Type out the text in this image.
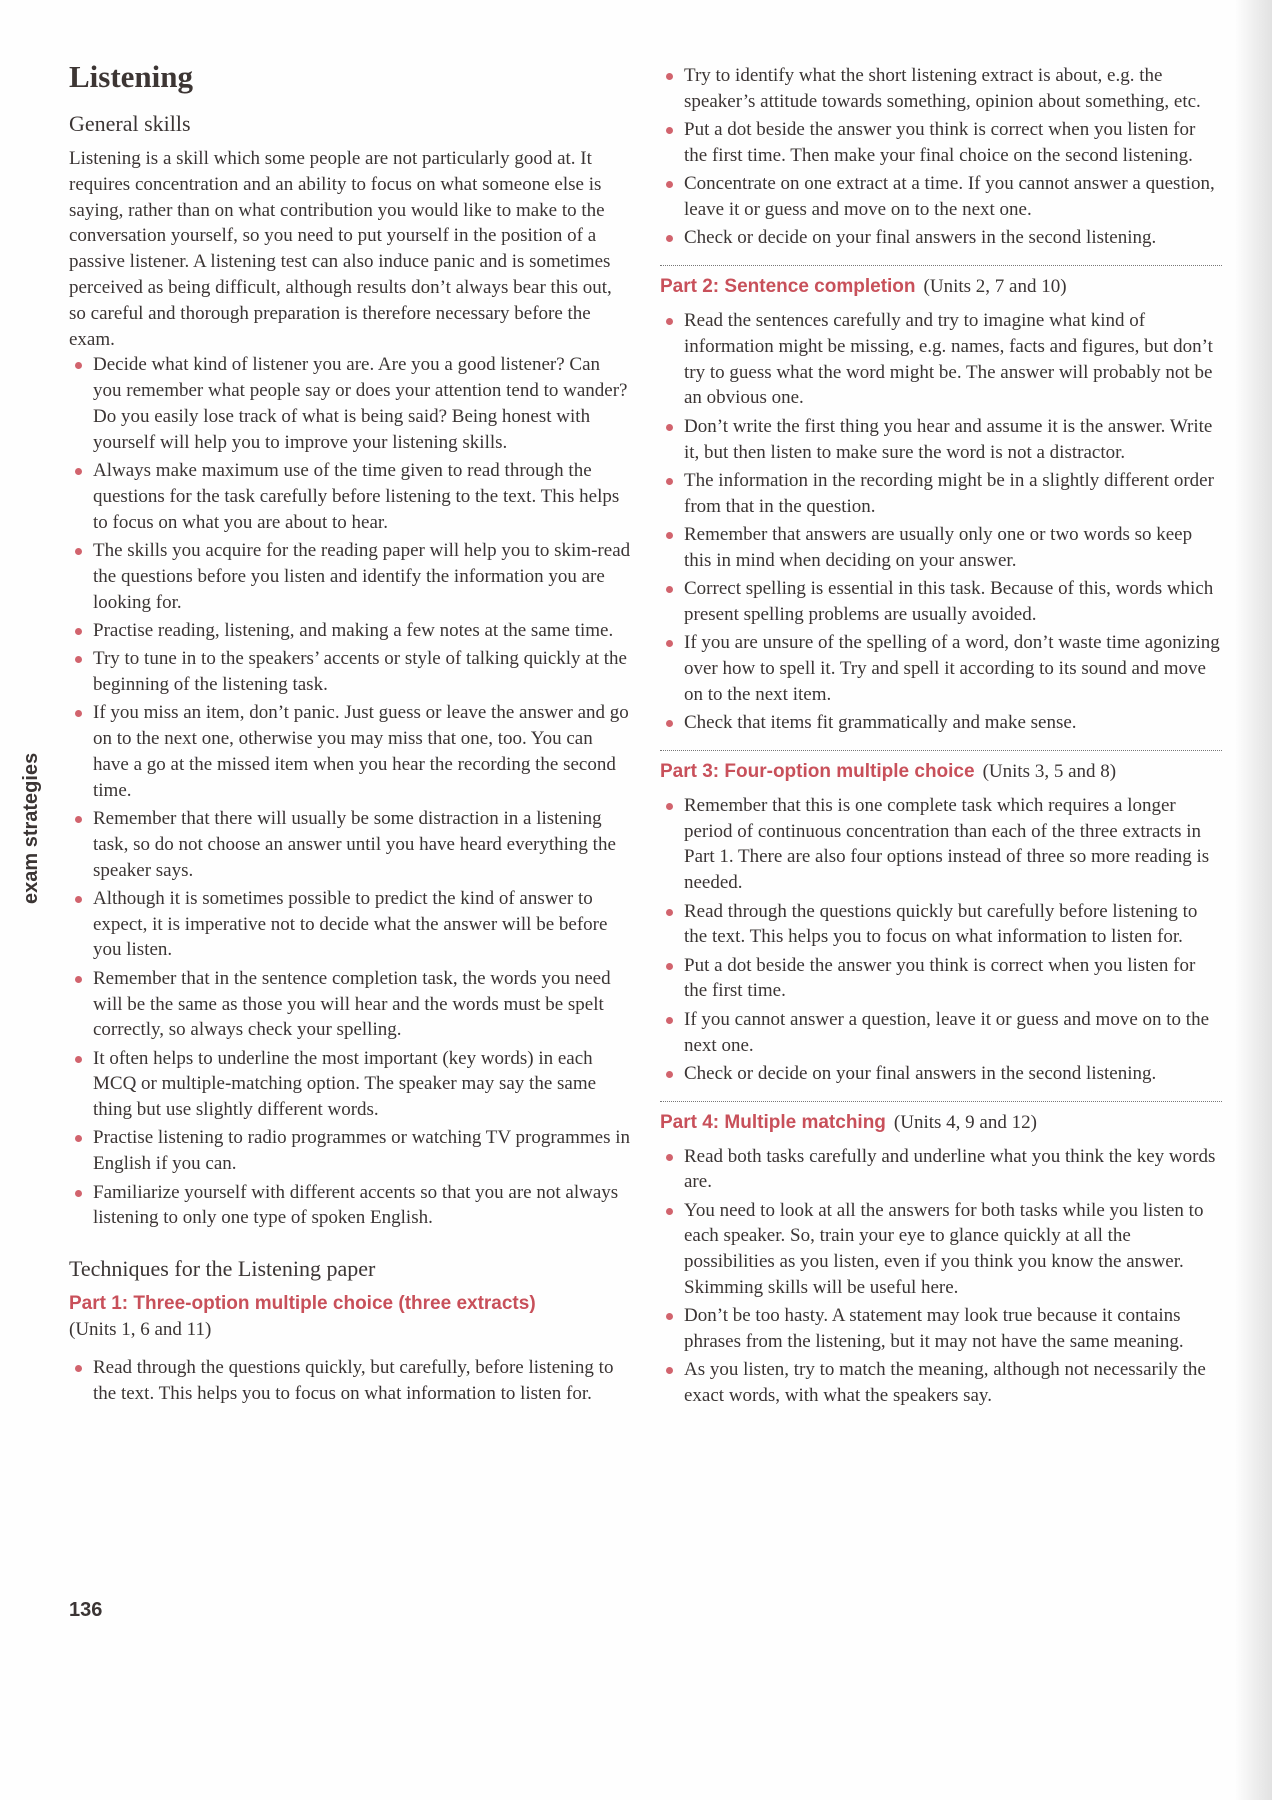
exam strategies
Listening
General skills

Listening is a skill which some people are not particularly good at. It requires concentration and an ability to focus on what someone else is saying, rather than on what contribution you would like to make to the conversation yourself, so you need to put yourself in the position of a passive listener. A listening test can also induce panic and is sometimes perceived as being difficult, although results don’t always bear this out, so careful and thorough preparation is therefore necessary before the exam.

Decide what kind of listener you are. Are you a good listener? Can you remember what people say or does your attention tend to wander? Do you easily lose track of what is being said? Being honest with yourself will help you to improve your listening skills.
Always make maximum use of the time given to read through the questions for the task carefully before listening to the text. This helps to focus on what you are about to hear.
The skills you acquire for the reading paper will help you to skim-read the questions before you listen and identify the information you are looking for.
Practise reading, listening, and making a few notes at the same time.
Try to tune in to the speakers’ accents or style of talking quickly at the beginning of the listening task.
If you miss an item, don’t panic. Just guess or leave the answer and go on to the next one, otherwise you may miss that one, too. You can have a go at the missed item when you hear the recording the second time.
Remember that there will usually be some distraction in a listening task, so do not choose an answer until you have heard everything the speaker says.
Although it is sometimes possible to predict the kind of answer to expect, it is imperative not to decide what the answer will be before you listen.
Remember that in the sentence completion task, the words you need will be the same as those you will hear and the words must be spelt correctly, so always check your spelling.
It often helps to underline the most important (key words) in each MCQ or multiple-matching option. The speaker may say the same thing but use slightly different words.
Practise listening to radio programmes or watching TV programmes in English if you can.
Familiarize yourself with different accents so that you are not always listening to only one type of spoken English.
Techniques for the Listening paper
Part 1: Three-option multiple choice (three extracts)
(Units 1, 6 and 11)
Read through the questions quickly, but carefully, before listening to the text. This helps you to focus on what information to listen for.
Try to identify what the short listening extract is about, e.g. the speaker’s attitude towards something, opinion about something, etc.
Put a dot beside the answer you think is correct when you listen for the first time. Then make your final choice on the second listening.
Concentrate on one extract at a time. If you cannot answer a question, leave it or guess and move on to the next one.
Check or decide on your final answers in the second listening.
Part 2: Sentence completion (Units 2, 7 and 10)
Read the sentences carefully and try to imagine what kind of information might be missing, e.g. names, facts and figures, but don’t try to guess what the word might be. The answer will probably not be an obvious one.
Don’t write the first thing you hear and assume it is the answer. Write it, but then listen to make sure the word is not a distractor.
The information in the recording might be in a slightly different order from that in the question.
Remember that answers are usually only one or two words so keep this in mind when deciding on your answer.
Correct spelling is essential in this task. Because of this, words which present spelling problems are usually avoided.
If you are unsure of the spelling of a word, don’t waste time agonizing over how to spell it. Try and spell it according to its sound and move on to the next item.
Check that items fit grammatically and make sense.
Part 3: Four-option multiple choice (Units 3, 5 and 8)
Remember that this is one complete task which requires a longer period of continuous concentration than each of the three extracts in Part 1. There are also four options instead of three so more reading is needed.
Read through the questions quickly but carefully before listening to the text. This helps you to focus on what information to listen for.
Put a dot beside the answer you think is correct when you listen for the first time.
If you cannot answer a question, leave it or guess and move on to the next one.
Check or decide on your final answers in the second listening.
Part 4: Multiple matching (Units 4, 9 and 12)
Read both tasks carefully and underline what you think the key words are.
You need to look at all the answers for both tasks while you listen to each speaker. So, train your eye to glance quickly at all the possibilities as you listen, even if you think you know the answer. Skimming skills will be useful here.
Don’t be too hasty. A statement may look true because it contains phrases from the listening, but it may not have the same meaning.
As you listen, try to match the meaning, although not necessarily the exact words, with what the speakers say.
136
